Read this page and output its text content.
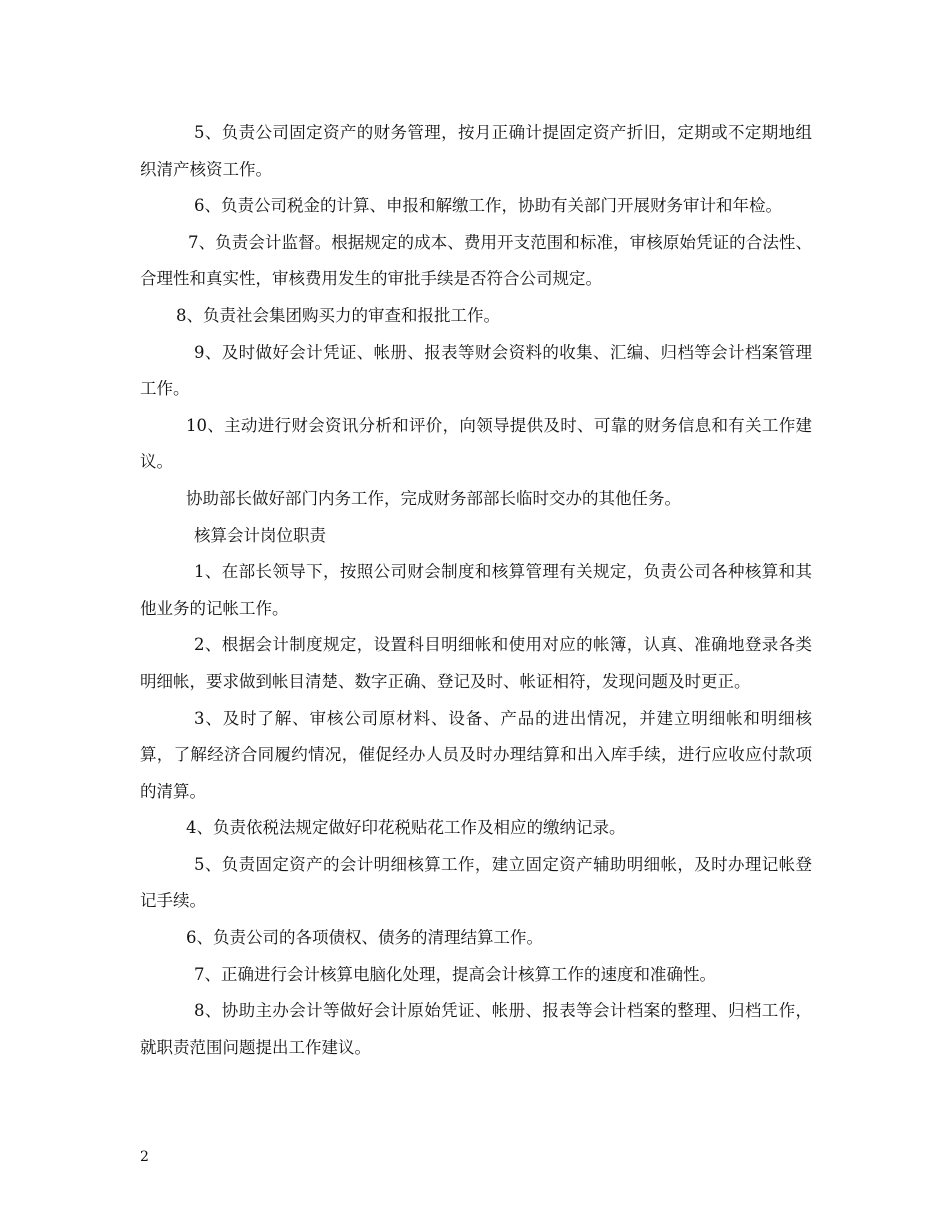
5、负责公司固定资产的财务管理，按月正确计提固定资产折旧，定期或不定期地组织清产核资工作。

6、负责公司税金的计算、申报和解缴工作，协助有关部门开展财务审计和年检。

7、负责会计监督。根据规定的成本、费用开支范围和标准，审核原始凭证的合法性、合理性和真实性，审核费用发生的审批手续是否符合公司规定。

8、负责社会集团购买力的审查和报批工作。

9、及时做好会计凭证、帐册、报表等财会资料的收集、汇编、归档等会计档案管理工作。

10、主动进行财会资讯分析和评价，向领导提供及时、可靠的财务信息和有关工作建议。

协助部长做好部门内务工作，完成财务部部长临时交办的其他任务。

核算会计岗位职责

1、在部长领导下，按照公司财会制度和核算管理有关规定，负责公司各种核算和其他业务的记帐工作。

2、根据会计制度规定，设置科目明细帐和使用对应的帐簿，认真、准确地登录各类明细帐，要求做到帐目清楚、数字正确、登记及时、帐证相符，发现问题及时更正。

3、及时了解、审核公司原材料、设备、产品的进出情况，并建立明细帐和明细核算，了解经济合同履约情况，催促经办人员及时办理结算和出入库手续，进行应收应付款项的清算。

4、负责依税法规定做好印花税贴花工作及相应的缴纳记录。

5、负责固定资产的会计明细核算工作，建立固定资产辅助明细帐，及时办理记帐登记手续。

6、负责公司的各项债权、债务的清理结算工作。

7、正确进行会计核算电脑化处理，提高会计核算工作的速度和准确性。

8、协助主办会计等做好会计原始凭证、帐册、报表等会计档案的整理、归档工作，就职责范围问题提出工作建议。

2
